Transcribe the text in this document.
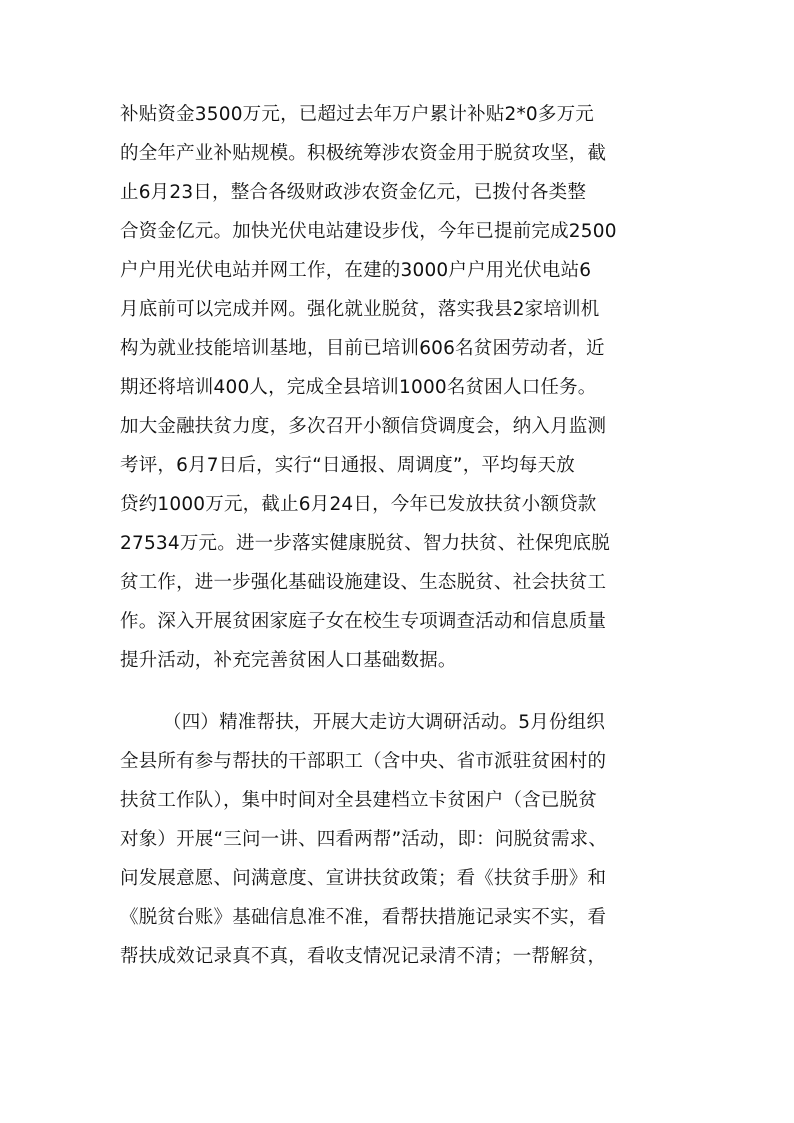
补贴资金3500万元，已超过去年万户累计补贴2*0多万元
的全年产业补贴规模。积极统筹涉农资金用于脱贫攻坚，截
止6月23日，整合各级财政涉农资金亿元，已拨付各类整
合资金亿元。加快光伏电站建设步伐，今年已提前完成2500
户户用光伏电站并网工作，在建的3000户户用光伏电站6
月底前可以完成并网。强化就业脱贫，落实我县2家培训机
构为就业技能培训基地，目前已培训606名贫困劳动者，近
期还将培训400人，完成全县培训1000名贫困人口任务。
加大金融扶贫力度，多次召开小额信贷调度会，纳入月监测
考评，6月7日后，实行“日通报、周调度”，平均每天放
贷约1000万元，截止6月24日，今年已发放扶贫小额贷款
27534万元。进一步落实健康脱贫、智力扶贫、社保兜底脱
贫工作，进一步强化基础设施建设、生态脱贫、社会扶贫工
作。深入开展贫困家庭子女在校生专项调查活动和信息质量
提升活动，补充完善贫困人口基础数据。
（四）精准帮扶，开展大走访大调研活动。5月份组织
全县所有参与帮扶的干部职工（含中央、省市派驻贫困村的
扶贫工作队），集中时间对全县建档立卡贫困户（含已脱贫
对象）开展“三问一讲、四看两帮”活动，即：问脱贫需求、
问发展意愿、问满意度、宣讲扶贫政策；看《扶贫手册》和
《脱贫台账》基础信息准不准，看帮扶措施记录实不实，看
帮扶成效记录真不真，看收支情况记录清不清；一帮解贫，
